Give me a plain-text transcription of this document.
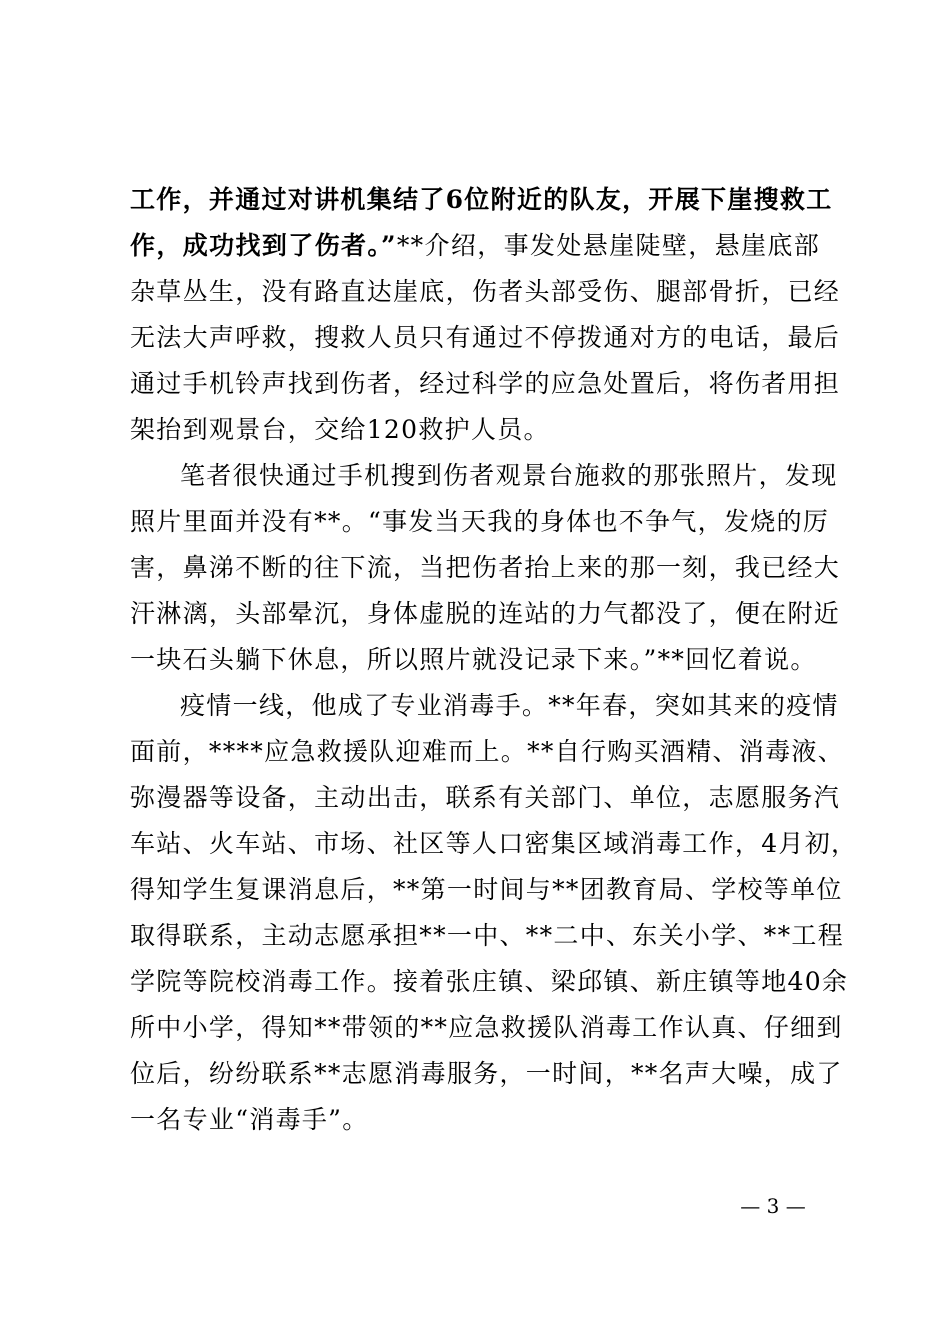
工作，并通过对讲机集结了6位附近的队友，开展下崖搜救工
作，成功找到了伤者。”**介绍，事发处悬崖陡壁，悬崖底部
杂草丛生，没有路直达崖底，伤者头部受伤、腿部骨折，已经
无法大声呼救，搜救人员只有通过不停拨通对方的电话，最后
通过手机铃声找到伤者，经过科学的应急处置后，将伤者用担
架抬到观景台，交给120救护人员。
笔者很快通过手机搜到伤者观景台施救的那张照片，发现
照片里面并没有**。“事发当天我的身体也不争气，发烧的厉
害，鼻涕不断的往下流，当把伤者抬上来的那一刻，我已经大
汗淋漓，头部晕沉，身体虚脱的连站的力气都没了，便在附近
一块石头躺下休息，所以照片就没记录下来。”**回忆着说。
疫情一线，他成了专业消毒手。**年春，突如其来的疫情
面前，****应急救援队迎难而上。**自行购买酒精、消毒液、
弥漫器等设备，主动出击，联系有关部门、单位，志愿服务汽
车站、火车站、市场、社区等人口密集区域消毒工作，4月初，
得知学生复课消息后，**第一时间与**团教育局、学校等单位
取得联系，主动志愿承担**一中、**二中、东关小学、**工程
学院等院校消毒工作。接着张庄镇、梁邱镇、新庄镇等地40余
所中小学，得知**带领的**应急救援队消毒工作认真、仔细到
位后，纷纷联系**志愿消毒服务，一时间，**名声大噪，成了
一名专业“消毒手”。
— 3 —
